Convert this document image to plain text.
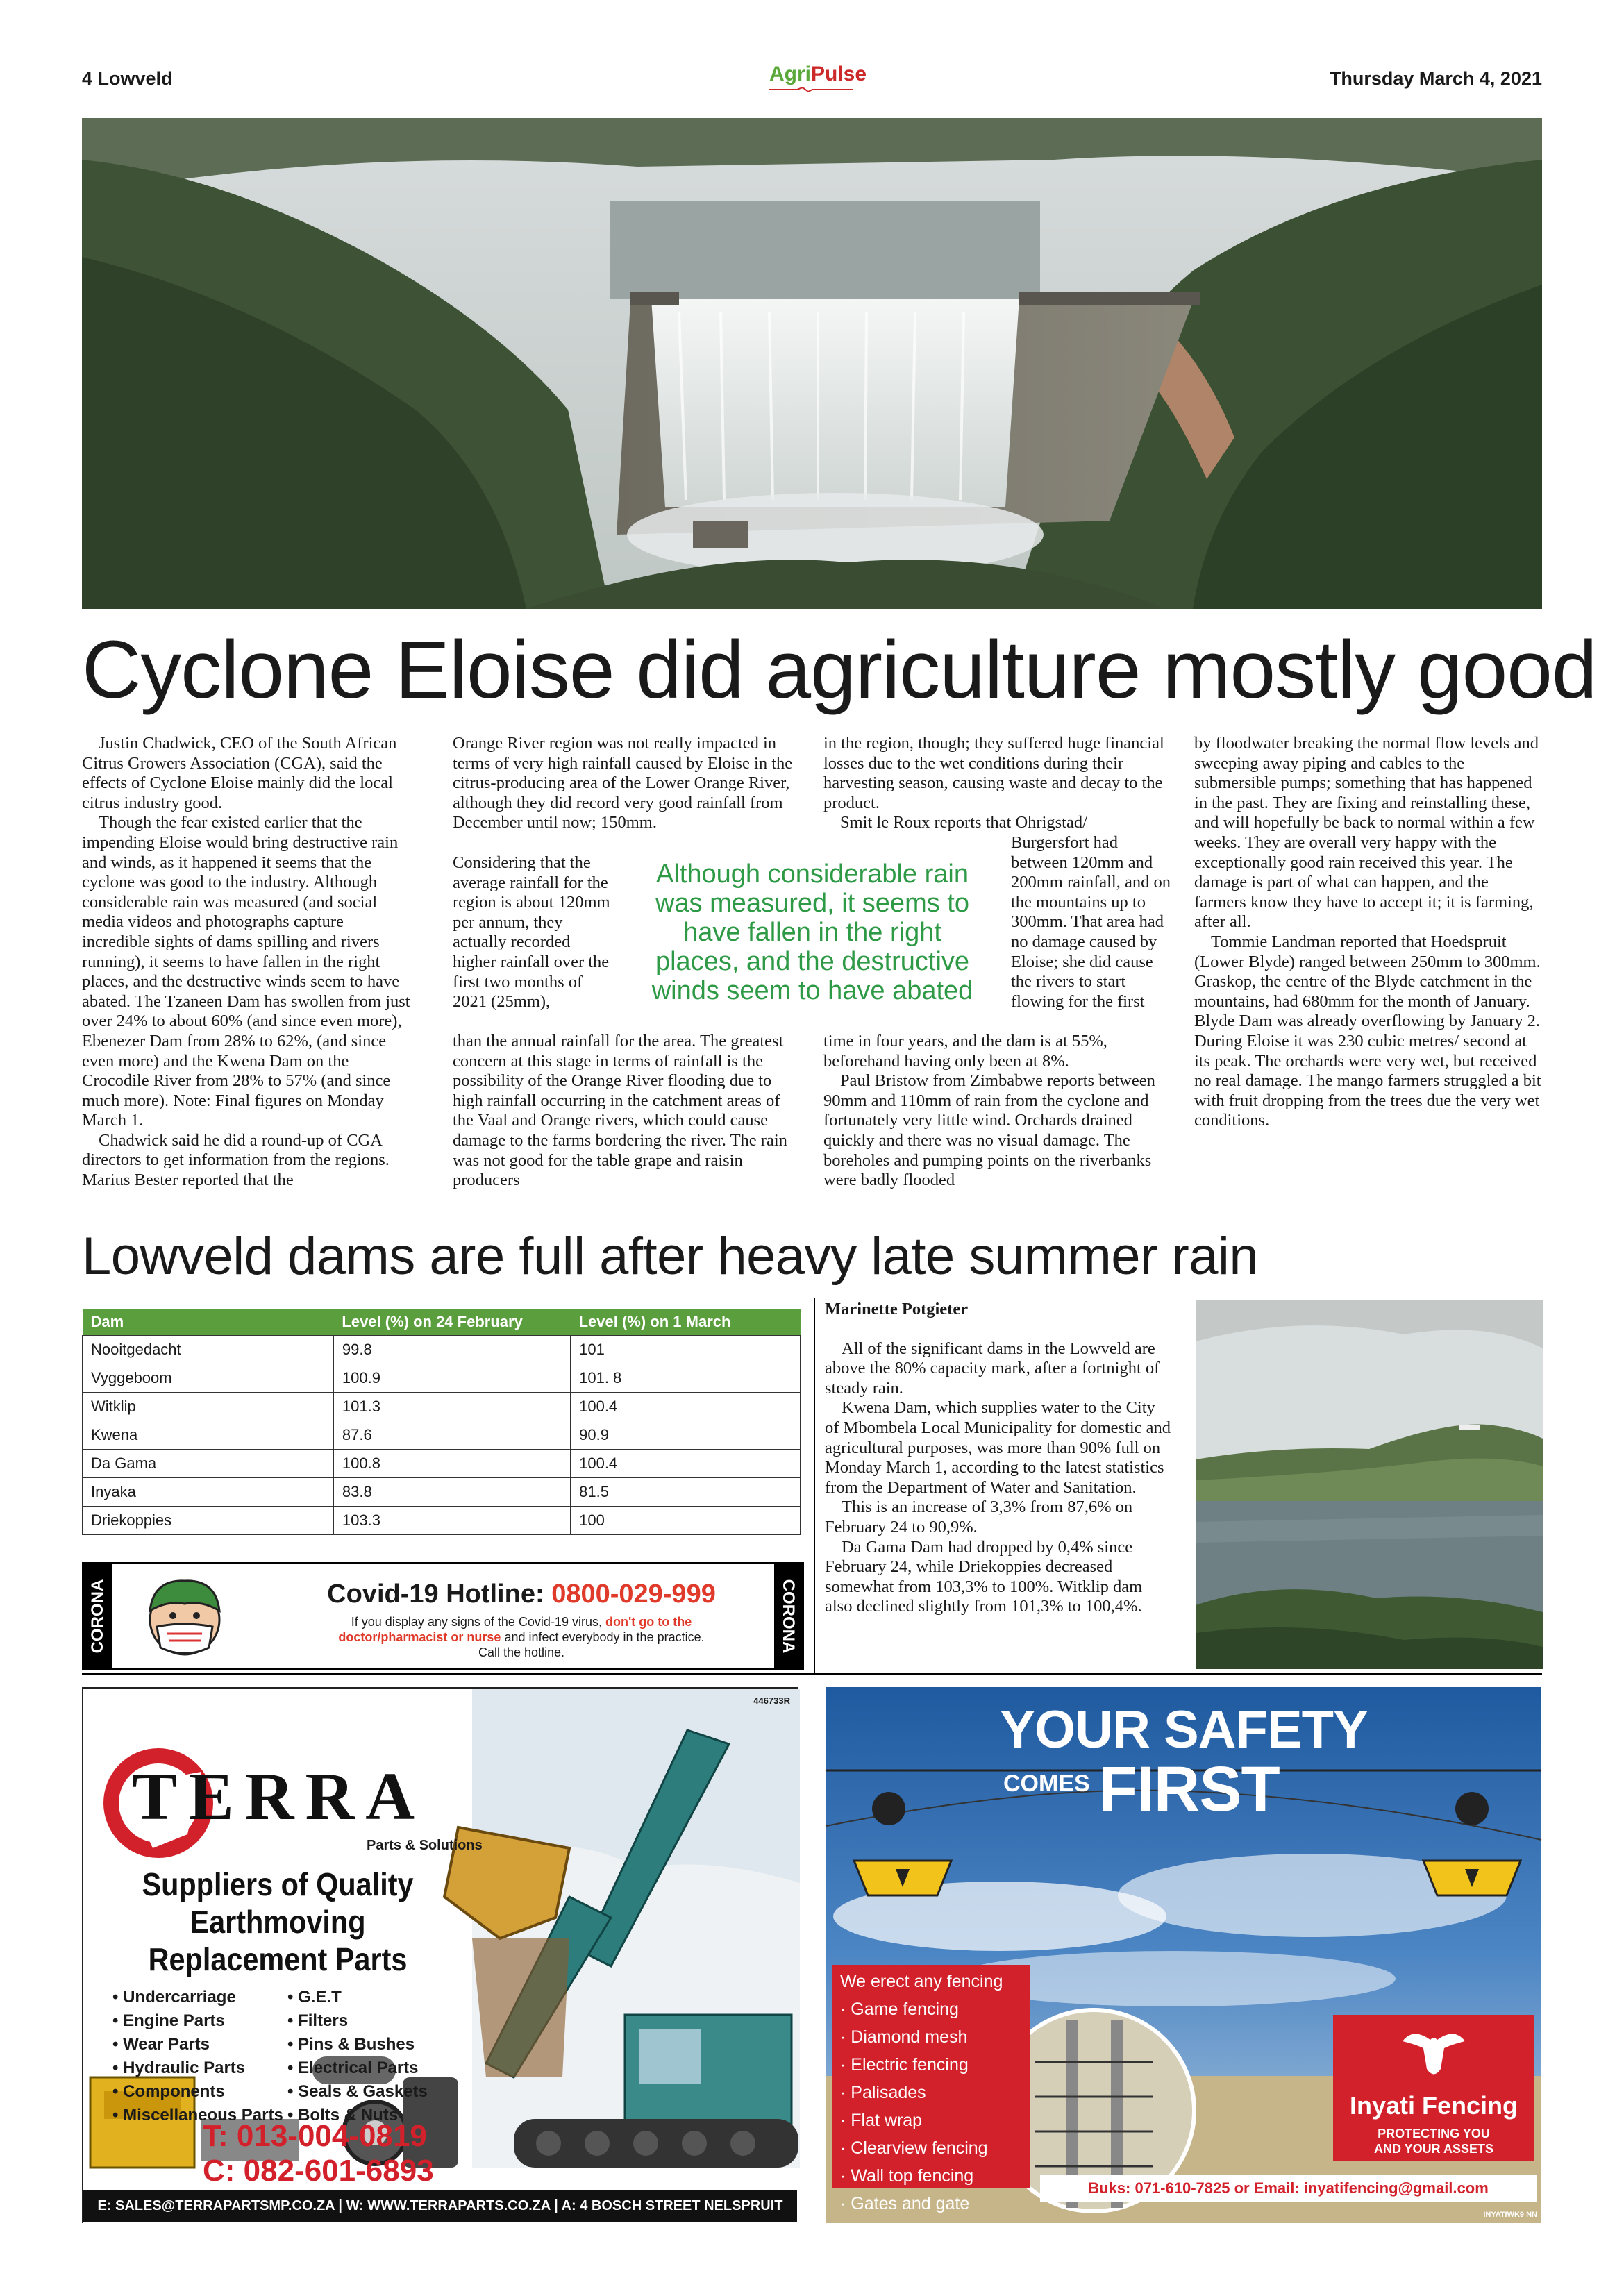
4 Lowveld	AgriPulse	Thursday March 4, 2021
Cyclone Eloise did agriculture mostly good

Justin Chadwick, CEO of the South African Citrus Growers Association (CGA), said the effects of Cyclone Eloise mainly did the local citrus industry good.

Though the fear existed earlier that the impending Eloise would bring destructive rain and winds, as it happened it seems that the cyclone was good to the industry. Although considerable rain was measured (and social media videos and photographs capture incredible sights of dams spilling and rivers running), it seems to have fallen in the right places, and the destructive winds seem to have abated. The Tzaneen Dam has swollen from just over 24% to about 60% (and since even more), Ebenezer Dam from 28% to 62%, (and since even more) and the Kwena Dam on the Crocodile River from 28% to 57% (and since much more). Note: Final figures on Monday March 1.

Chadwick said he did a round-up of CGA directors to get information from the regions. Marius Bester reported that the

Orange River region was not really impacted in terms of very high rainfall caused by Eloise in the citrus-producing area of the Lower Orange River, although they did record very good rainfall from December until now; 150mm.

Considering that the average rainfall for the region is about 120mm per annum, they actually recorded higher rainfall over the first two months of 2021 (25mm),

than the annual rainfall for the area. The greatest concern at this stage in terms of rainfall is the possibility of the Orange River flooding due to high rainfall occurring in the catchment areas of the Vaal and Orange rivers, which could cause damage to the farms bordering the river. The rain was not good for the table grape and raisin producers

in the region, though; they suffered huge financial losses due to the wet conditions during their harvesting season, causing waste and decay to the product.

Smit le Roux reports that Ohrigstad/

Burgersfort had between 120mm and 200mm rainfall, and on the mountains up to 300mm. That area had no damage caused by Eloise; she did cause the rivers to start flowing for the first

time in four years, and the dam is at 55%, beforehand having only been at 8%.

Paul Bristow from Zimbabwe reports between 90mm and 110mm of rain from the cyclone and fortunately very little wind. Orchards drained quickly and there was no visual damage. The boreholes and pumping points on the riverbanks were badly flooded

by floodwater breaking the normal flow levels and sweeping away piping and cables to the submersible pumps; something that has happened in the past. They are fixing and reinstalling these, and will hopefully be back to normal within a few weeks. They are overall very happy with the exceptionally good rain received this year. The damage is part of what can happen, and the farmers know they have to accept it; it is farming, after all.

Tommie Landman reported that Hoedspruit (Lower Blyde) ranged between 250mm to 300mm. Graskop, the centre of the Blyde catchment in the mountains, had 680mm for the month of January. Blyde Dam was already overflowing by January 2. During Eloise it was 230 cubic metres/ second at its peak. The orchards were very wet, but received no real damage. The mango farmers struggled a bit with fruit dropping from the trees due the very wet conditions.

Although considerable rain was measured, it seems to have fallen in the right places, and the destructive winds seem to have abated
Lowveld dams are full after heavy late summer rain
Dam	Level (%) on 24 February	Level (%) on 1 March
Nooitgedacht	99.8	101
Vyggeboom	100.9	101. 8
Witklip	101.3	100.4
Kwena	87.6	90.9
Da Gama	100.8	100.4
Inyaka	83.8	81.5
Driekoppies	103.3	100

Marinette Potgieter

All of the significant dams in the Lowveld are above the 80% capacity mark, after a fortnight of steady rain.

Kwena Dam, which supplies water to the City of Mbombela Local Municipality for domestic and agricultural purposes, was more than 90% full on Monday March 1, according to the latest statistics from the Department of Water and Sanitation.

This is an increase of 3,3% from 87,6% on February 24 to 90,9%.

Da Gama Dam had dropped by 0,4% since February 24, while Driekoppies decreased somewhat from 103,3% to 100%. Witklip dam also declined slightly from 101,3% to 100,4%.

CORONA	CORONA
Covid-19 Hotline: 0800-029-999
If you display any signs of the Covid-19 virus, don't go to the
doctor/pharmacist or nurse and infect everybody in the practice.
Call the hotline.
446733R
TERRA
Parts & Solutions
Suppliers of Quality
Earthmoving
Replacement Parts
• Undercarriage
• Engine Parts
• Wear Parts
• Hydraulic Parts
• Components
• Miscellaneous Parts
• G.E.T
• Filters
• Pins & Bushes
• Electrical Parts
• Seals & Gaskets
• Bolts & Nuts
T: 013-004-0819
C: 082-601-6893
E: SALES@TERRAPARTSMP.CO.ZA | W: WWW.TERRAPARTS.CO.ZA | A: 4 BOSCH STREET NELSPRUIT
YOUR SAFETY
COMES FIRST
We erect any fencing
· Game fencing
· Diamond mesh
· Electric fencing
· Palisades
· Flat wrap
· Clearview fencing
· Wall top fencing
· Gates and gate motors
Inyati Fencing
PROTECTING YOU
AND YOUR ASSETS
Buks: 071-610-7825 or Email: inyatifencing@gmail.com
INYATIWK9 NN
